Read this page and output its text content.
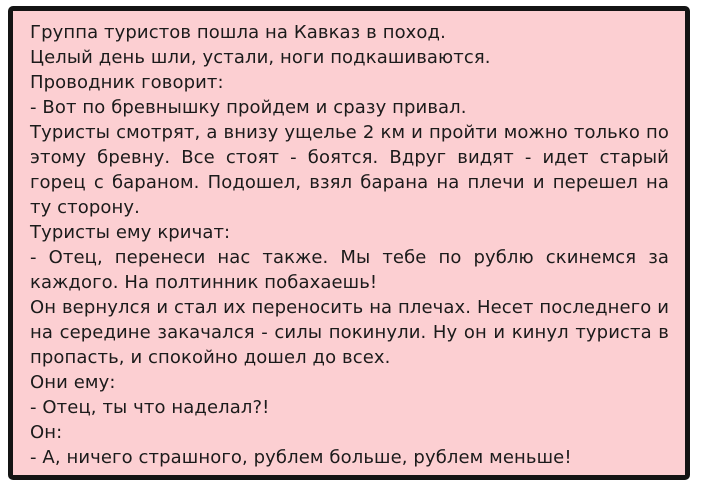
Группа туристов пошла на Кавказ в поход.

Целый день шли, устали, ноги подкашиваются.

Проводник говорит:

- Вот по бревнышку пройдем и сразу привал.

Туристы смотрят, а внизу ущелье 2 км и пройти можно только по этому бревну. Все стоят - боятся. Вдруг видят - идет старый горец с бараном. Подошел, взял барана на плечи и перешел на ту сторону.

Туристы ему кричат:

- Отец, перенеси нас также. Мы тебе по рублю скинемся за каждого. На полтинник побахаешь!

Он вернулся и стал их переносить на плечах. Несет последнего и на середине закачался - силы покинули. Ну он и кинул туриста в пропасть, и спокойно дошел до всех.

Они ему:

- Отец, ты что наделал?!

Он:

- А, ничего страшного, рублем больше, рублем меньше!
